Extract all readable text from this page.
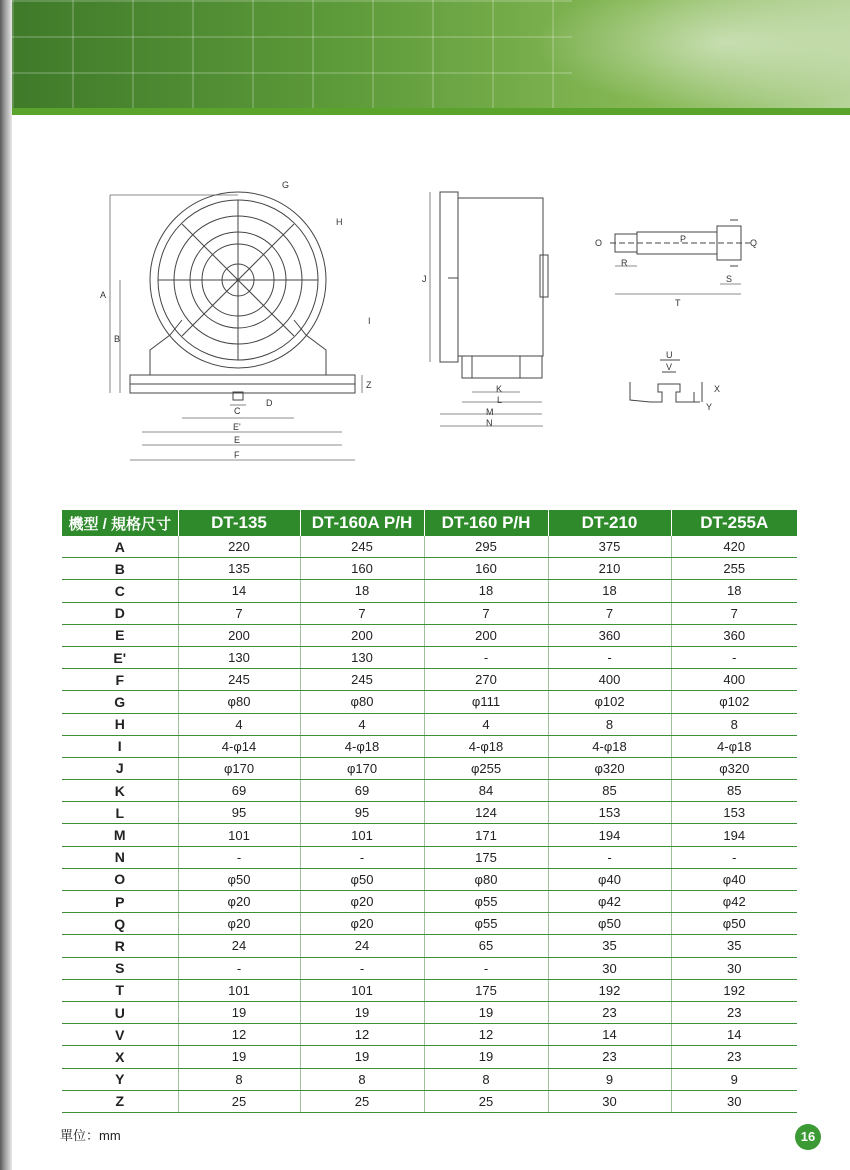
G
H
I
A
B
C
D
E'
E
F
Z
J
K
L
M
N
O	P	Q
R
S
T
U
V
X
Y
機型 / 規格尺寸	DT-135	DT-160A P/H	DT-160 P/H	DT-210	DT-255A
A	220	245	295	375	420
B	135	160	160	210	255
C	14	18	18	18	18
D	7	7	7	7	7
E	200	200	200	360	360
E'	130	130	-	-	-
F	245	245	270	400	400
G	φ80	φ80	φ111	φ102	φ102
H	4	4	4	8	8
I	4-φ14	4-φ18	4-φ18	4-φ18	4-φ18
J	φ170	φ170	φ255	φ320	φ320
K	69	69	84	85	85
L	95	95	124	153	153
M	101	101	171	194	194
N	-	-	175	-	-
O	φ50	φ50	φ80	φ40	φ40
P	φ20	φ20	φ55	φ42	φ42
Q	φ20	φ20	φ55	φ50	φ50
R	24	24	65	35	35
S	-	-	-	30	30
T	101	101	175	192	192
U	19	19	19	23	23
V	12	12	12	14	14
X	19	19	19	23	23
Y	8	8	8	9	9
Z	25	25	25	30	30
單位：mm	16
